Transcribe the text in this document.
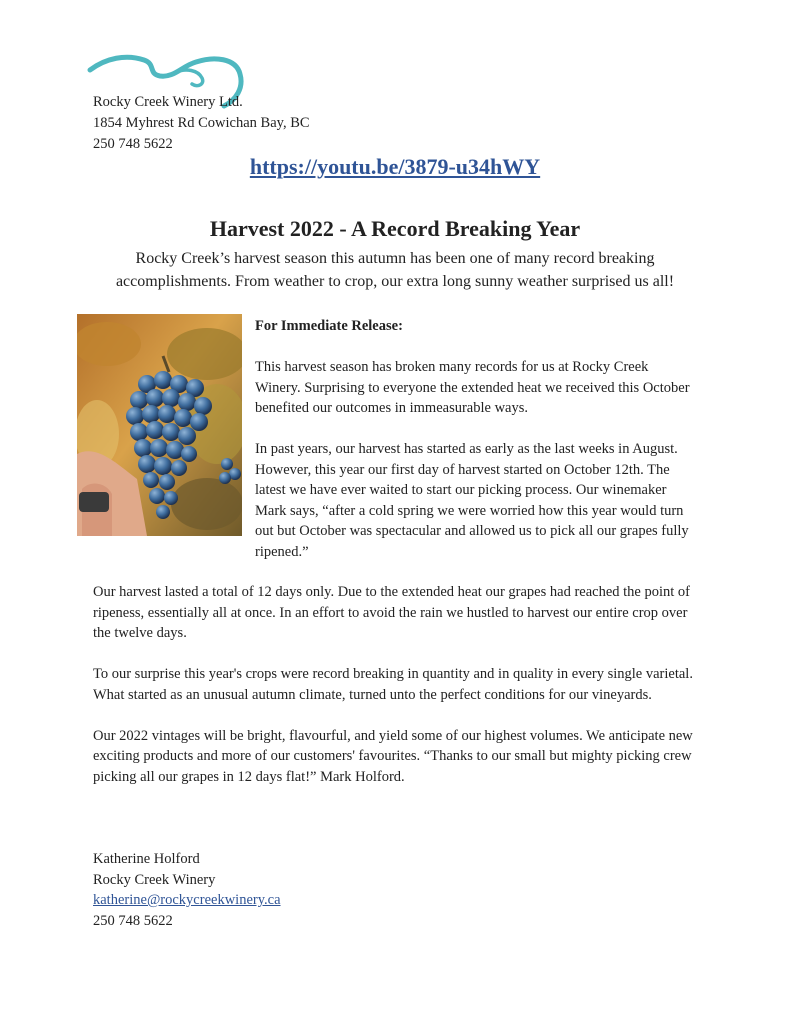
Rocky Creek Winery Ltd.
1854 Myhrest Rd Cowichan Bay, BC
250 748 5622
https://youtu.be/3879-u34hWY
Harvest 2022 - A Record Breaking Year
Rocky Creek’s harvest season this autumn has been one of many record breaking accomplishments. From weather to crop, our extra long sunny weather surprised us all!

For Immediate Release:

This harvest season has broken many records for us at Rocky Creek Winery. Surprising to everyone the extended heat we received this October benefited our outcomes in immeasurable ways.

In past years, our harvest has started as early as the last weeks in August. However, this year our first day of harvest started on October 12th. The latest we have ever waited to start our picking process. Our winemaker Mark says, “after a cold spring we were worried how this year would turn out but October was spectacular and allowed us to pick all our grapes fully ripened.”

Our harvest lasted a total of 12 days only. Due to the extended heat our grapes had reached the point of ripeness, essentially all at once. In an effort to avoid the rain we hustled to harvest our entire crop over the twelve days.

To our surprise this year's crops were record breaking in quantity and in quality in every single varietal. What started as an unusual autumn climate, turned unto the perfect conditions for our vineyards.

Our 2022 vintages will be bright, flavourful, and yield some of our highest volumes. We anticipate new exciting products and more of our customers' favourites. “Thanks to our small but mighty picking crew picking all our grapes in 12 days flat!” Mark Holford.

Katherine Holford
Rocky Creek Winery
katherine@rockycreekwinery.ca
250 748 5622
